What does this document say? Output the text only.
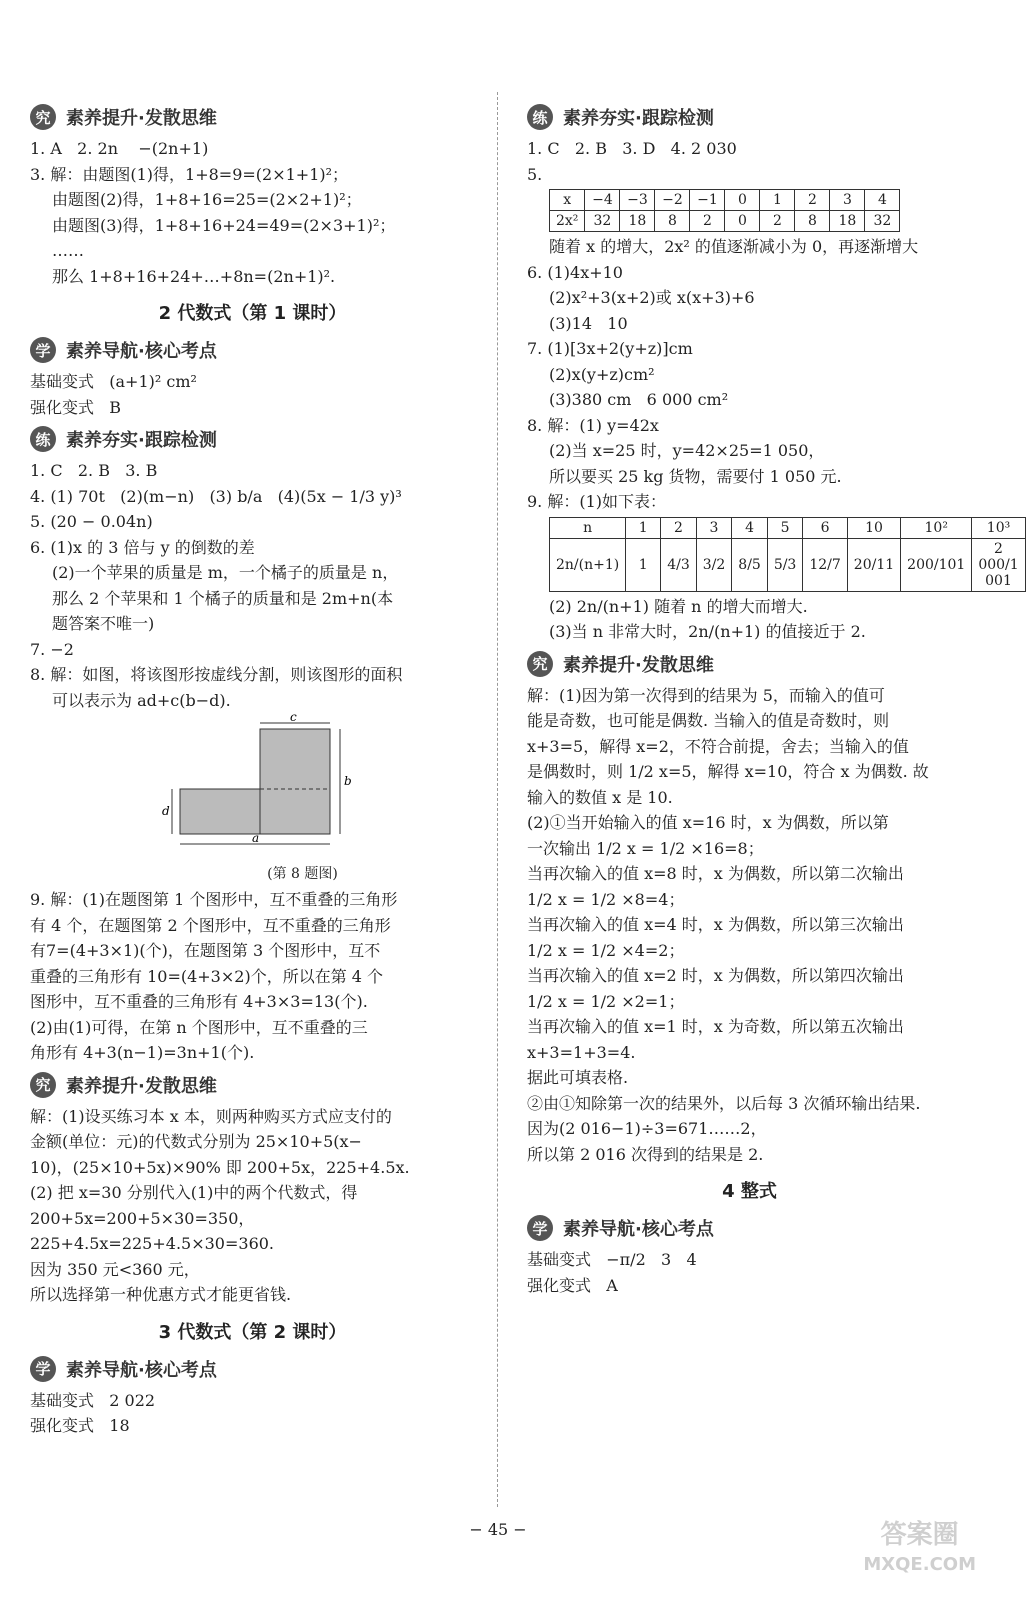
究 素养提升·发散思维
1. A   2. 2n    −(2n+1)
3. 解：由题图(1)得，1+8=9=(2×1+1)²；
由题图(2)得，1+8+16=25=(2×2+1)²；
由题图(3)得，1+8+16+24=49=(2×3+1)²；
……
那么 1+8+16+24+…+8n=(2n+1)².
2 代数式（第 1 课时）
学 素养导航·核心考点
基础变式   (a+1)² cm²
强化变式   B
练 素养夯实·跟踪检测
1. C   2. B   3. B
4. (1) 70t   (2)(m−n)   (3) b/a   (4)(5x − 1/3 y)³
5. (20 − 0.04n)
6. (1)x 的 3 倍与 y 的倒数的差
(2)一个苹果的质量是 m，一个橘子的质量是 n，
那么 2 个苹果和 1 个橘子的质量和是 2m+n(本
题答案不唯一)
7. −2
8. 解：如图，将该图形按虚线分割，则该图形的面积
可以表示为 ad+c(b−d).
c
b
d
a
(第 8 题图)
9. 解：(1)在题图第 1 个图形中，互不重叠的三角形
有 4 个，在题图第 2 个图形中，互不重叠的三角形
有7=(4+3×1)(个)，在题图第 3 个图形中，互不
重叠的三角形有 10=(4+3×2)个，所以在第 4 个
图形中，互不重叠的三角形有 4+3×3=13(个).
(2)由(1)可得，在第 n 个图形中，互不重叠的三
角形有 4+3(n−1)=3n+1(个).
究 素养提升·发散思维
解：(1)设买练习本 x 本，则两种购买方式应支付的
金额(单位：元)的代数式分别为 25×10+5(x−
10)，(25×10+5x)×90% 即 200+5x，225+4.5x.
(2) 把 x=30 分别代入(1)中的两个代数式，得
200+5x=200+5×30=350，
225+4.5x=225+4.5×30=360.
因为 350 元<360 元，
所以选择第一种优惠方式才能更省钱.
3 代数式（第 2 课时）
学 素养导航·核心考点
基础变式   2 022
强化变式   18
练 素养夯实·跟踪检测
1. C   2. B   3. D   4. 2 030
5.
x	−4	−3	−2	−1	0	1	2	3	4
2x²	32	18	8	2	0	2	8	18	32
随着 x 的增大，2x² 的值逐渐减小为 0，再逐渐增大
6. (1)4x+10
(2)x²+3(x+2)或 x(x+3)+6
(3)14   10
7. (1)[3x+2(y+z)]cm
(2)x(y+z)cm²
(3)380 cm   6 000 cm²
8. 解：(1) y=42x
(2)当 x=25 时，y=42×25=1 050，
所以要买 25 kg 货物，需要付 1 050 元.
9. 解：(1)如下表：
n	1	2	3	4	5	6	10	10²	10³
2n/(n+1)	1	4/3	3/2	8/5	5/3	12/7	20/11	200/101	2 000/1 001
(2) 2n/(n+1) 随着 n 的增大而增大.
(3)当 n 非常大时，2n/(n+1) 的值接近于 2.
究 素养提升·发散思维
解：(1)因为第一次得到的结果为 5，而输入的值可
能是奇数，也可能是偶数. 当输入的值是奇数时，则
x+3=5，解得 x=2，不符合前提，舍去；当输入的值
是偶数时，则 1/2 x=5，解得 x=10，符合 x 为偶数. 故
输入的数值 x 是 10.
(2)①当开始输入的值 x=16 时，x 为偶数，所以第
一次输出 1/2 x = 1/2 ×16=8；
当再次输入的值 x=8 时，x 为偶数，所以第二次输出
1/2 x = 1/2 ×8=4；
当再次输入的值 x=4 时，x 为偶数，所以第三次输出
1/2 x = 1/2 ×4=2；
当再次输入的值 x=2 时，x 为偶数，所以第四次输出
1/2 x = 1/2 ×2=1；
当再次输入的值 x=1 时，x 为奇数，所以第五次输出
x+3=1+3=4.
据此可填表格.
②由①知除第一次的结果外，以后每 3 次循环输出结果.
因为(2 016−1)÷3=671……2，
所以第 2 016 次得到的结果是 2.
4 整式
学 素养导航·核心考点
基础变式   −π/2   3   4
强化变式   A
− 45 −	答案圈
MXQE.COM
